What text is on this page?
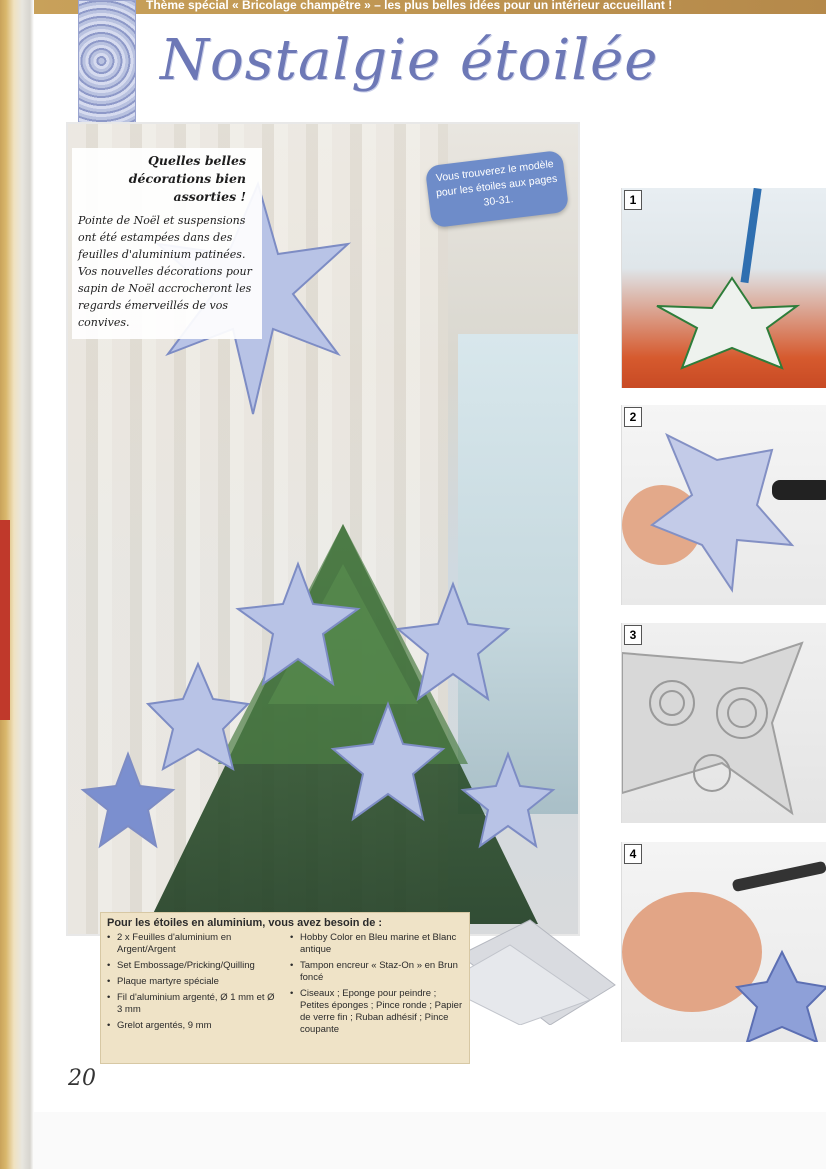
Thème spécial « Bricolage champêtre » – les plus belles idées pour un intérieur accueillant !
Nostalgie étoilée
Quelles belles décorations bien assorties !
Pointe de Noël et suspensions ont été estampées dans des feuilles d'aluminium patinées. Vos nouvelles décorations pour sapin de Noël accrocheront les regards émerveillés de vos convives.
Vous trouverez le modèle pour les étoiles aux pages 30-31.	1
2
3
4
Pour les étoiles en aluminium, vous avez besoin de :
• 2 x Feuilles d'aluminium en Argent/Argent
• Set Embossage/Pricking/Quilling
• Plaque martyre spéciale
• Fil d'aluminium argenté, Ø 1 mm et Ø 3 mm
• Grelot argentés, 9 mm
• Hobby Color en Bleu marine et Blanc antique
• Tampon encreur « Staz-On » en Brun foncé
• Ciseaux ; Eponge pour peindre ; Petites éponges ; Pince ronde ; Papier de verre fin ; Ruban adhésif ; Pince coupante
20
